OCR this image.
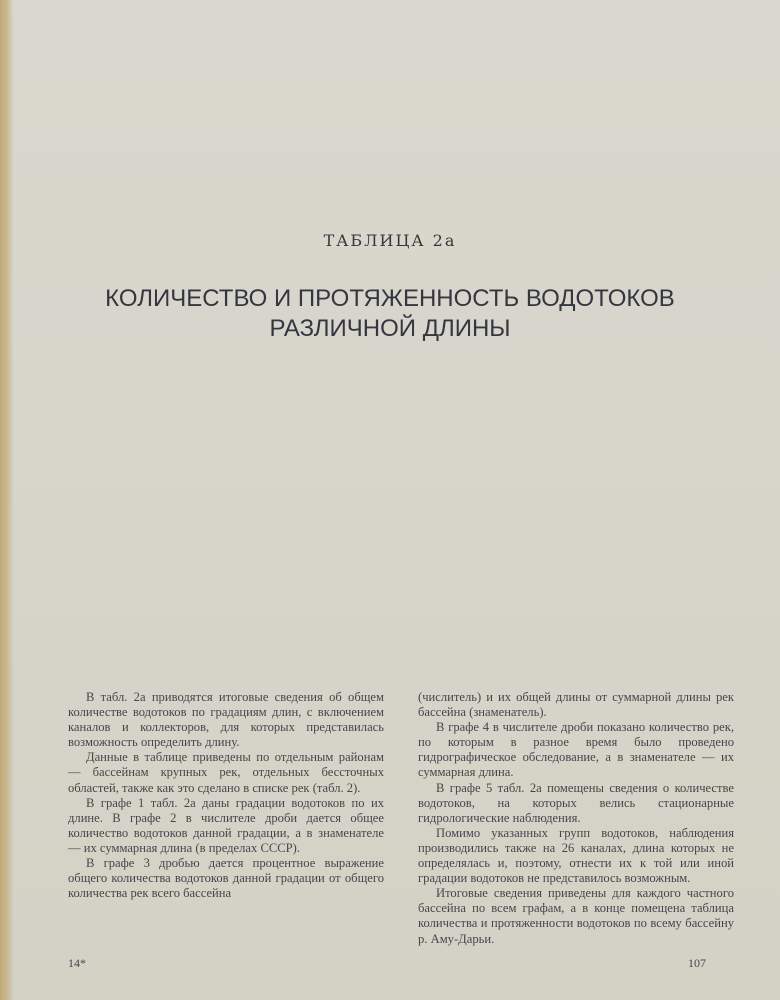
ТАБЛИЦА 2а
КОЛИЧЕСТВО И ПРОТЯЖЕННОСТЬ ВОДОТОКОВ
РАЗЛИЧНОЙ ДЛИНЫ

В табл. 2а приводятся итоговые сведения об общем количестве водотоков по градациям длин, с включением каналов и коллекторов, для которых представилась возможность определить длину.

Данные в таблице приведены по отдельным районам — бассейнам крупных рек, отдельных бессточных областей, также как это сделано в списке рек (табл. 2).

В графе 1 табл. 2а даны градации водотоков по их длине. В графе 2 в числителе дроби дается общее количество водотоков данной градации, а в знаменателе — их суммарная длина (в пределах СССР).

В графе 3 дробью дается процентное выражение общего количества водотоков данной градации от общего количества рек всего бассейна

(числитель) и их общей длины от суммарной длины рек бассейна (знаменатель).

В графе 4 в числителе дроби показано количество рек, по которым в разное время было проведено гидрографическое обследование, а в знаменателе — их суммарная длина.

В графе 5 табл. 2а помещены сведения о количестве водотоков, на которых велись стационарные гидрологические наблюдения.

Помимо указанных групп водотоков, наблюдения производились также на 26 каналах, длина которых не определялась и, поэтому, отнести их к той или иной градации водотоков не представилось возможным.

Итоговые сведения приведены для каждого частного бассейна по всем графам, а в конце помещена таблица количества и протяженности водотоков по всему бассейну р. Аму-Дарьи.

14*	107
